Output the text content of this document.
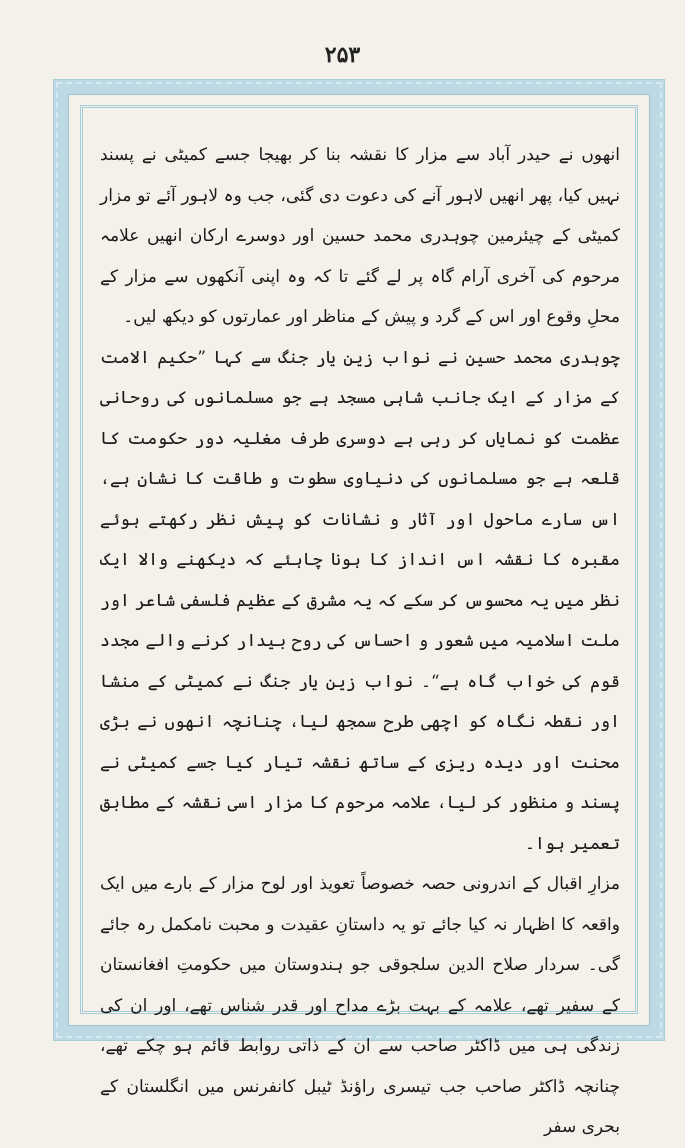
۲۵۳

انھوں نے حیدر آباد سے مزار کا نقشہ بنا کر بھیجا جسے کمیٹی نے پسند نہیں کیا، پھر انھیں لاہور آنے کی دعوت دی گئی، جب وہ لاہور آئے تو مزار کمیٹی کے چیئرمین چوہدری محمد حسین اور دوسرے ارکان انھیں علامہ مرحوم کی آخری آرام گاہ پر لے گئے تا کہ وہ اپنی آنکھوں سے مزار کے محلِ وقوع اور اس کے گرد و پیش کے مناظر اور عمارتوں کو دیکھ لیں۔

چوہدری محمد حسین نے نواب زین یار جنگ سے کہا ”حکیم الامت کے مزار کے ایک جانب شاہی مسجد ہے جو مسلمانوں کی روحانی عظمت کو نمایاں کر رہی ہے دوسری طرف مغلیہ دور حکومت کا قلعہ ہے جو مسلمانوں کی دنیاوی سطوت و طاقت کا نشان ہے، اس سارے ماحول اور آثار و نشانات کو پیش نظر رکھتے ہوئے مقبرہ کا نقشہ اس انداز کا ہونا چاہئے کہ دیکھنے والا ایک نظر میں یہ محسوس کر سکے کہ یہ مشرق کے عظیم فلسفی شاعر اور ملت اسلامیہ میں شعور و احساس کی روح بیدار کرنے والے مجدد قوم کی خواب گاہ ہے“۔ نواب زین یار جنگ نے کمیٹی کے منشا اور نقطہ نگاہ کو اچھی طرح سمجھ لیا، چنانچہ انھوں نے بڑی محنت اور دیدہ ریزی کے ساتھ نقشہ تیار کیا جسے کمیٹی نے پسند و منظور کر لیا، علامہ مرحوم کا مزار اسی نقشہ کے مطابق تعمیر ہوا۔

مزارِ اقبال کے اندرونی حصہ خصوصاً تعویذ اور لوح مزار کے بارے میں ایک واقعہ کا اظہار نہ کیا جائے تو یہ داستانِ عقیدت و محبت نامکمل رہ جائے گی۔ سردار صلاح الدین سلجوقی جو ہندوستان میں حکومتِ افغانستان کے سفیر تھے، علامہ کے بہت بڑے مداح اور قدر شناس تھے، اور ان کی زندگی ہی میں ڈاکٹر صاحب سے ان کے ذاتی روابط قائم ہو چکے تھے، چنانچہ ڈاکٹر صاحب جب تیسری راؤنڈ ٹیبل کانفرنس میں انگلستان کے بحری سفر
